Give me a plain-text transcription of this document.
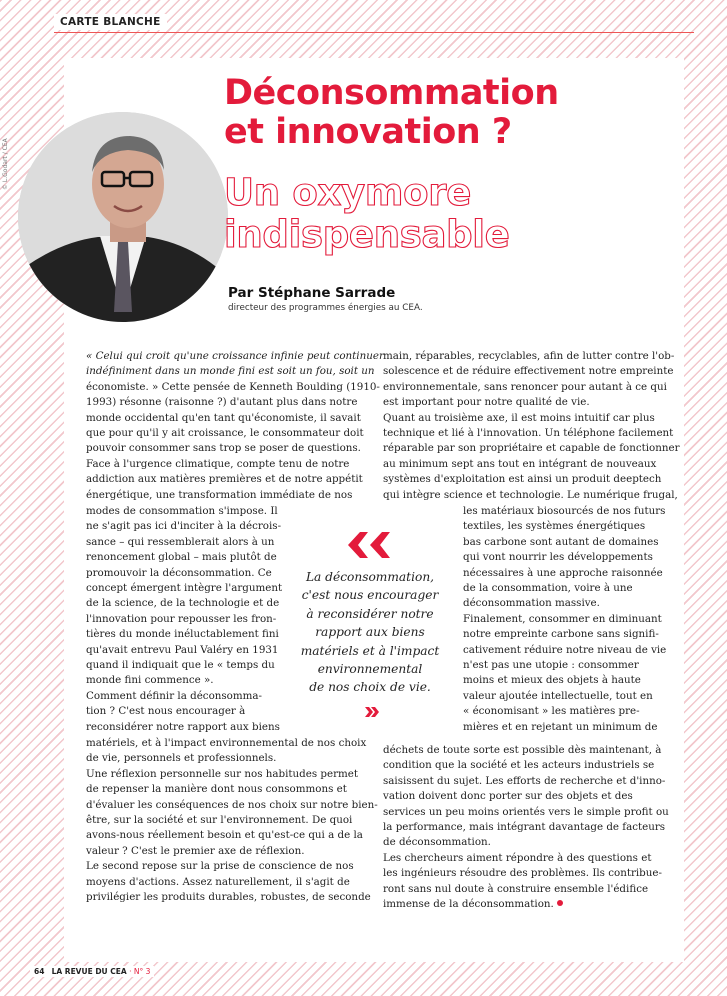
CARTE BLANCHE
© L.Godart / CEA
Déconsommation
et innovation ?
Un oxymore
indispensable
Par Stéphane Sarrade
directeur des programmes énergies au CEA.
« Celui qui croit qu'une croissance infinie peut continuer
indéfiniment dans un monde fini est soit un fou, soit un
économiste. » Cette pensée de Kenneth Boulding (1910-
1993) résonne (raisonne ?) d'autant plus dans notre
monde occidental qu'en tant qu'économiste, il savait
que pour qu'il y ait croissance, le consommateur doit
pouvoir consommer sans trop se poser de questions.
Face à l'urgence climatique, compte tenu de notre
addiction aux matières premières et de notre appétit
énergétique, une transformation immédiate de nos
modes de consommation s'impose. Il
ne s'agit pas ici d'inciter à la décrois-
sance – qui ressemblerait alors à un
renoncement global – mais plutôt de
promouvoir la déconsommation. Ce
concept émergent intègre l'argument
de la science, de la technologie et de
l'innovation pour repousser les fron-
tières du monde inéluctablement fini
qu'avait entrevu Paul Valéry en 1931
quand il indiquait que le « temps du
monde fini commence ».
Comment définir la déconsomma-
tion ? C'est nous encourager à
reconsidérer notre rapport aux biens
matériels, et à l'impact environnemental de nos choix
de vie, personnels et professionnels.
Une réflexion personnelle sur nos habitudes permet
de repenser la manière dont nous consommons et
d'évaluer les conséquences de nos choix sur notre bien-
être, sur la société et sur l'environnement. De quoi
avons-nous réellement besoin et qu'est-ce qui a de la
valeur ? C'est le premier axe de réflexion.
Le second repose sur la prise de conscience de nos
moyens d'actions. Assez naturellement, il s'agit de
privilégier les produits durables, robustes, de seconde
main, réparables, recyclables, afin de lutter contre l'ob-
solescence et de réduire effectivement notre empreinte
environnementale, sans renoncer pour autant à ce qui
est important pour notre qualité de vie.
Quant au troisième axe, il est moins intuitif car plus
technique et lié à l'innovation. Un téléphone facilement
réparable par son propriétaire et capable de fonctionner
au minimum sept ans tout en intégrant de nouveaux
systèmes d'exploitation est ainsi un produit deeptech
qui intègre science et technologie. Le numérique frugal,
les matériaux biosourcés de nos futurs
textiles, les systèmes énergétiques
bas carbone sont autant de domaines
qui vont nourrir les développements
nécessaires à une approche raisonnée
de la consommation, voire à une
déconsommation massive.
Finalement, consommer en diminuant
notre empreinte carbone sans signifi-
cativement réduire notre niveau de vie
n'est pas une utopie : consommer
moins et mieux des objets à haute
valeur ajoutée intellectuelle, tout en
« économisant » les matières pre-
mières et en rejetant un minimum de
déchets de toute sorte est possible dès maintenant, à
condition que la société et les acteurs industriels se
saisissent du sujet. Les efforts de recherche et d'inno-
vation doivent donc porter sur des objets et des
services un peu moins orientés vers le simple profit ou
la performance, mais intégrant davantage de facteurs
de déconsommation.
Les chercheurs aiment répondre à des questions et
les ingénieurs résoudre des problèmes. Ils contribue-
ront sans nul doute à construire ensemble l'édifice
immense de la déconsommation.
La déconsommation,
c'est nous encourager
à reconsidérer notre
rapport aux biens
matériels et à l'impact
environnemental
de nos choix de vie.
64 LA REVUE DU CEA · N° 3
